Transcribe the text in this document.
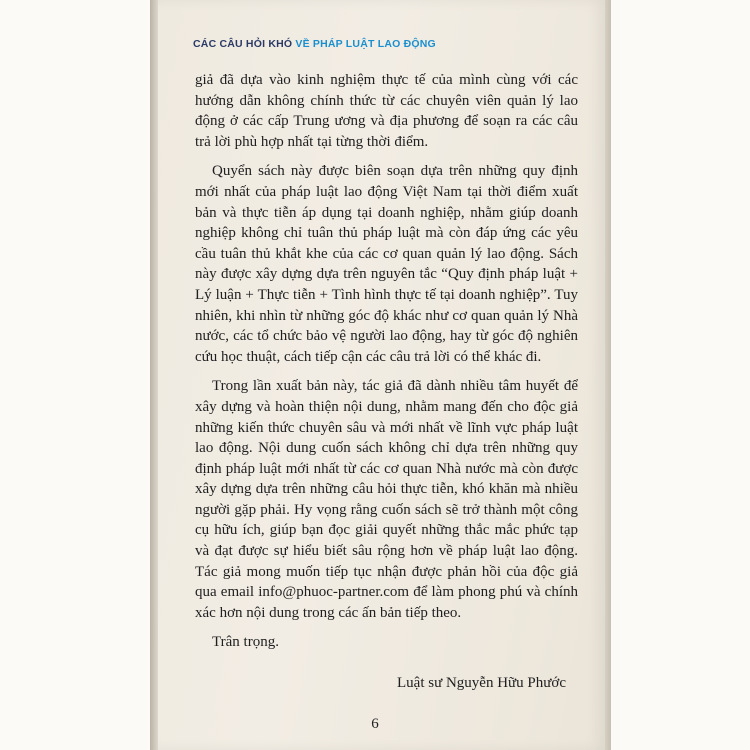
CÁC CÂU HỎI KHÓ VỀ PHÁP LUẬT LAO ĐỘNG

giả đã dựa vào kinh nghiệm thực tế của mình cùng với các hướng dẫn không chính thức từ các chuyên viên quản lý lao động ở các cấp Trung ương và địa phương để soạn ra các câu trả lời phù hợp nhất tại từng thời điểm.

Quyển sách này được biên soạn dựa trên những quy định mới nhất của pháp luật lao động Việt Nam tại thời điểm xuất bản và thực tiễn áp dụng tại doanh nghiệp, nhằm giúp doanh nghiệp không chỉ tuân thủ pháp luật mà còn đáp ứng các yêu cầu tuân thủ khắt khe của các cơ quan quản lý lao động. Sách này được xây dựng dựa trên nguyên tắc “Quy định pháp luật + Lý luận + Thực tiễn + Tình hình thực tế tại doanh nghiệp”. Tuy nhiên, khi nhìn từ những góc độ khác như cơ quan quản lý Nhà nước, các tổ chức bảo vệ người lao động, hay từ góc độ nghiên cứu học thuật, cách tiếp cận các câu trả lời có thể khác đi.

Trong lần xuất bản này, tác giả đã dành nhiều tâm huyết để xây dựng và hoàn thiện nội dung, nhằm mang đến cho độc giả những kiến thức chuyên sâu và mới nhất về lĩnh vực pháp luật lao động. Nội dung cuốn sách không chỉ dựa trên những quy định pháp luật mới nhất từ các cơ quan Nhà nước mà còn được xây dựng dựa trên những câu hỏi thực tiễn, khó khăn mà nhiều người gặp phải. Hy vọng rằng cuốn sách sẽ trở thành một công cụ hữu ích, giúp bạn đọc giải quyết những thắc mắc phức tạp và đạt được sự hiểu biết sâu rộng hơn về pháp luật lao động. Tác giả mong muốn tiếp tục nhận được phản hồi của độc giả qua email info@phuoc-partner.com để làm phong phú và chính xác hơn nội dung trong các ấn bản tiếp theo.

Trân trọng.
Luật sư Nguyễn Hữu Phước
6
